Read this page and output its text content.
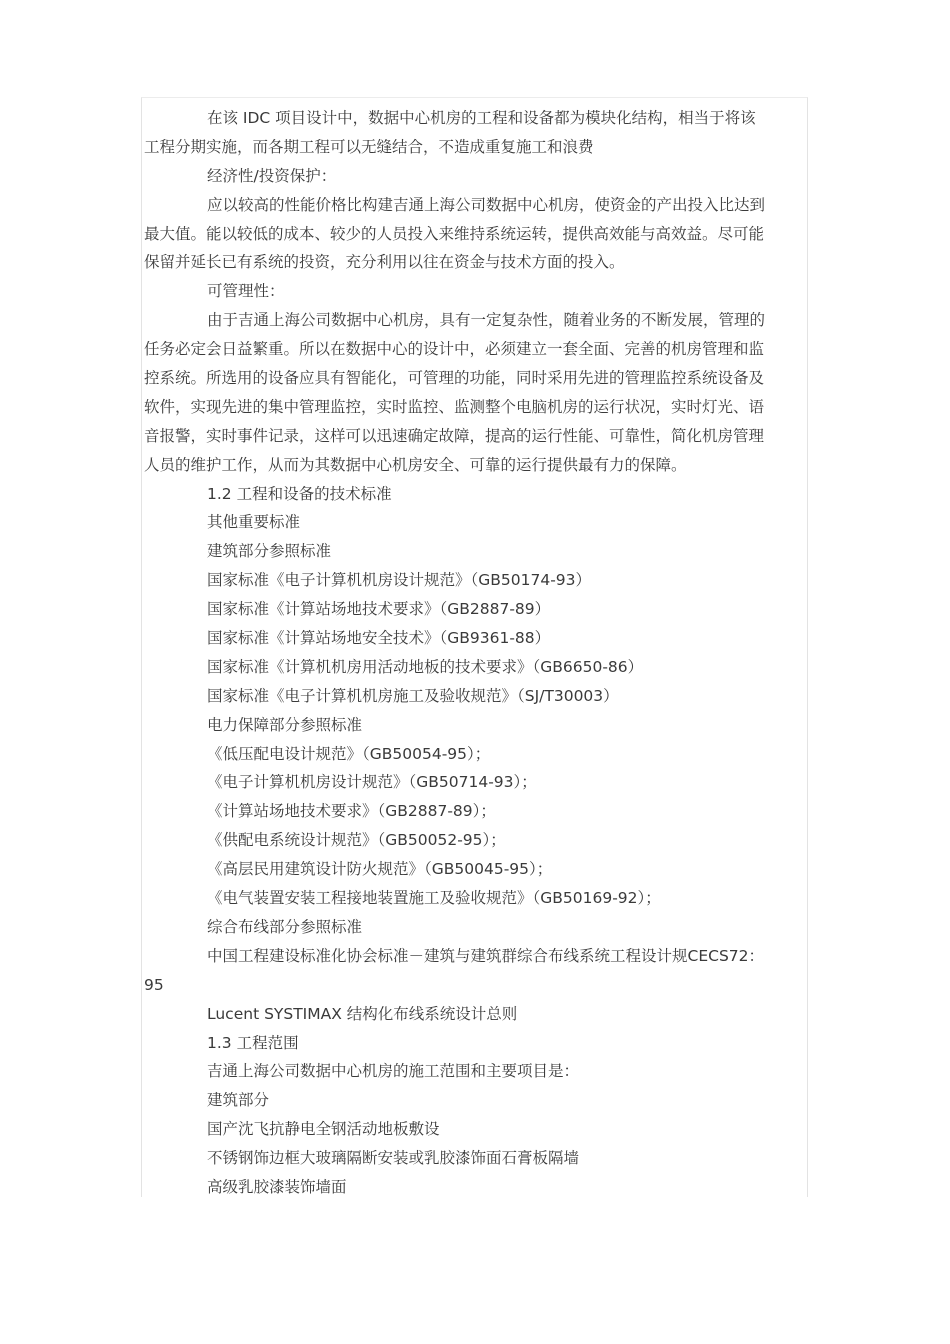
在该 IDC 项目设计中，数据中心机房的工程和设备都为模块化结构，相当于将该
工程分期实施，而各期工程可以无缝结合，不造成重复施工和浪费
经济性/投资保护：
应以较高的性能价格比构建吉通上海公司数据中心机房，使资金的产出投入比达到
最大值。能以较低的成本、较少的人员投入来维持系统运转，提供高效能与高效益。尽可能
保留并延长已有系统的投资，充分利用以往在资金与技术方面的投入。
可管理性：
由于吉通上海公司数据中心机房，具有一定复杂性，随着业务的不断发展，管理的
任务必定会日益繁重。所以在数据中心的设计中，必须建立一套全面、完善的机房管理和监
控系统。所选用的设备应具有智能化，可管理的功能，同时采用先进的管理监控系统设备及
软件，实现先进的集中管理监控，实时监控、监测整个电脑机房的运行状况，实时灯光、语
音报警，实时事件记录，这样可以迅速确定故障，提高的运行性能、可靠性，简化机房管理
人员的维护工作，从而为其数据中心机房安全、可靠的运行提供最有力的保障。
1.2 工程和设备的技术标准
其他重要标准
建筑部分参照标准
国家标准《电子计算机机房设计规范》（GB50174-93）
国家标准《计算站场地技术要求》（GB2887-89）
国家标准《计算站场地安全技术》（GB9361-88）
国家标准《计算机机房用活动地板的技术要求》（GB6650-86）
国家标准《电子计算机机房施工及验收规范》（SJ/T30003）
电力保障部分参照标准
《低压配电设计规范》（GB50054-95）；
《电子计算机机房设计规范》（GB50714-93）；
《计算站场地技术要求》（GB2887-89）；
《供配电系统设计规范》（GB50052-95）；
《高层民用建筑设计防火规范》（GB50045-95）；
《电气装置安装工程接地装置施工及验收规范》（GB50169-92）；
综合布线部分参照标准
中国工程建设标准化协会标准－建筑与建筑群综合布线系统工程设计规CECS72：
95
Lucent SYSTIMAX 结构化布线系统设计总则
1.3 工程范围
吉通上海公司数据中心机房的施工范围和主要项目是：
建筑部分
国产沈飞抗静电全钢活动地板敷设
不锈钢饰边框大玻璃隔断安装或乳胶漆饰面石膏板隔墙
高级乳胶漆装饰墙面
